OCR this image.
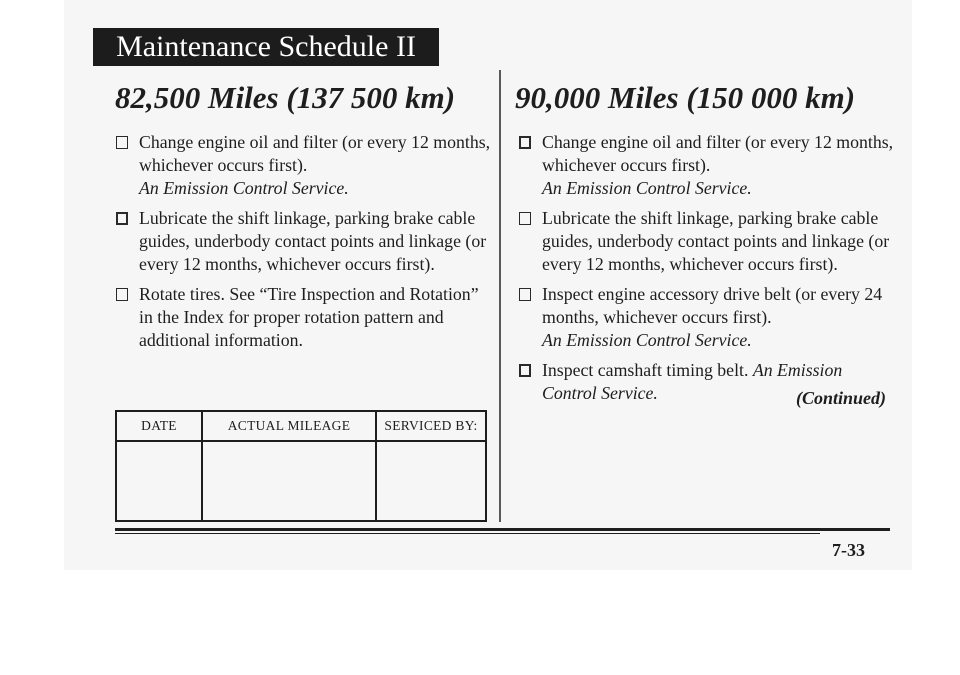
Maintenance Schedule II
82,500 Miles (137 500 km)
Change engine oil and filter (or every 12 months, whichever occurs first).
An Emission Control Service.
Lubricate the shift linkage, parking brake cable guides, underbody contact points and linkage (or every 12 months, whichever occurs first).
Rotate tires. See “Tire Inspection and Rotation” in the Index for proper rotation pattern and additional information.
DATE	ACTUAL MILEAGE	SERVICED BY:

90,000 Miles (150 000 km)
Change engine oil and filter (or every 12 months, whichever occurs first).
An Emission Control Service.
Lubricate the shift linkage, parking brake cable guides, underbody contact points and linkage (or every 12 months, whichever occurs first).
Inspect engine accessory drive belt (or every 24 months, whichever occurs first).
An Emission Control Service.
Inspect camshaft timing belt. An Emission Control Service.	(Continued)
7-33
